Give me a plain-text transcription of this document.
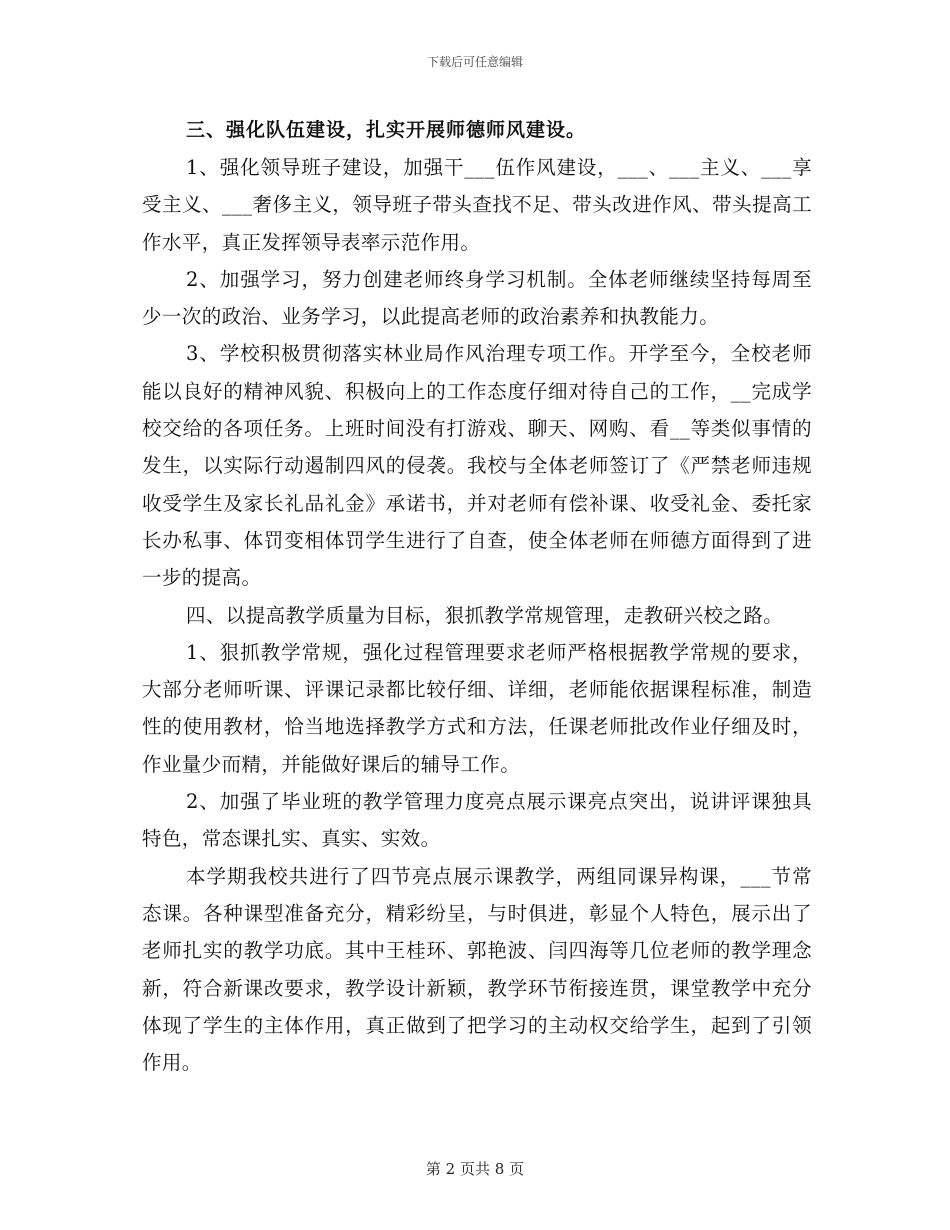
下载后可任意编辑

三、强化队伍建设，扎实开展师德师风建设。

1、强化领导班子建设，加强干___伍作风建设，___、___主义、___享受主义、___奢侈主义，领导班子带头查找不足、带头改进作风、带头提高工作水平，真正发挥领导表率示范作用。

2、加强学习，努力创建老师终身学习机制。全体老师继续坚持每周至少一次的政治、业务学习，以此提高老师的政治素养和执教能力。

3、学校积极贯彻落实林业局作风治理专项工作。开学至今，全校老师能以良好的精神风貌、积极向上的工作态度仔细对待自己的工作，__完成学校交给的各项任务。上班时间没有打游戏、聊天、网购、看__等类似事情的发生，以实际行动遏制四风的侵袭。我校与全体老师签订了《严禁老师违规收受学生及家长礼品礼金》承诺书，并对老师有偿补课、收受礼金、委托家长办私事、体罚变相体罚学生进行了自查，使全体老师在师德方面得到了进一步的提高。

四、以提高教学质量为目标，狠抓教学常规管理，走教研兴校之路。

1、狠抓教学常规，强化过程管理要求老师严格根据教学常规的要求，大部分老师听课、评课记录都比较仔细、详细，老师能依据课程标准，制造性的使用教材，恰当地选择教学方式和方法，任课老师批改作业仔细及时，作业量少而精，并能做好课后的辅导工作。

2、加强了毕业班的教学管理力度亮点展示课亮点突出，说讲评课独具特色，常态课扎实、真实、实效。

本学期我校共进行了四节亮点展示课教学，两组同课异构课，___节常态课。各种课型准备充分，精彩纷呈，与时俱进，彰显个人特色，展示出了老师扎实的教学功底。其中王桂环、郭艳波、闫四海等几位老师的教学理念新，符合新课改要求，教学设计新颖，教学环节衔接连贯，课堂教学中充分体现了学生的主体作用，真正做到了把学习的主动权交给学生，起到了引领作用。

第 2 页共 8 页
